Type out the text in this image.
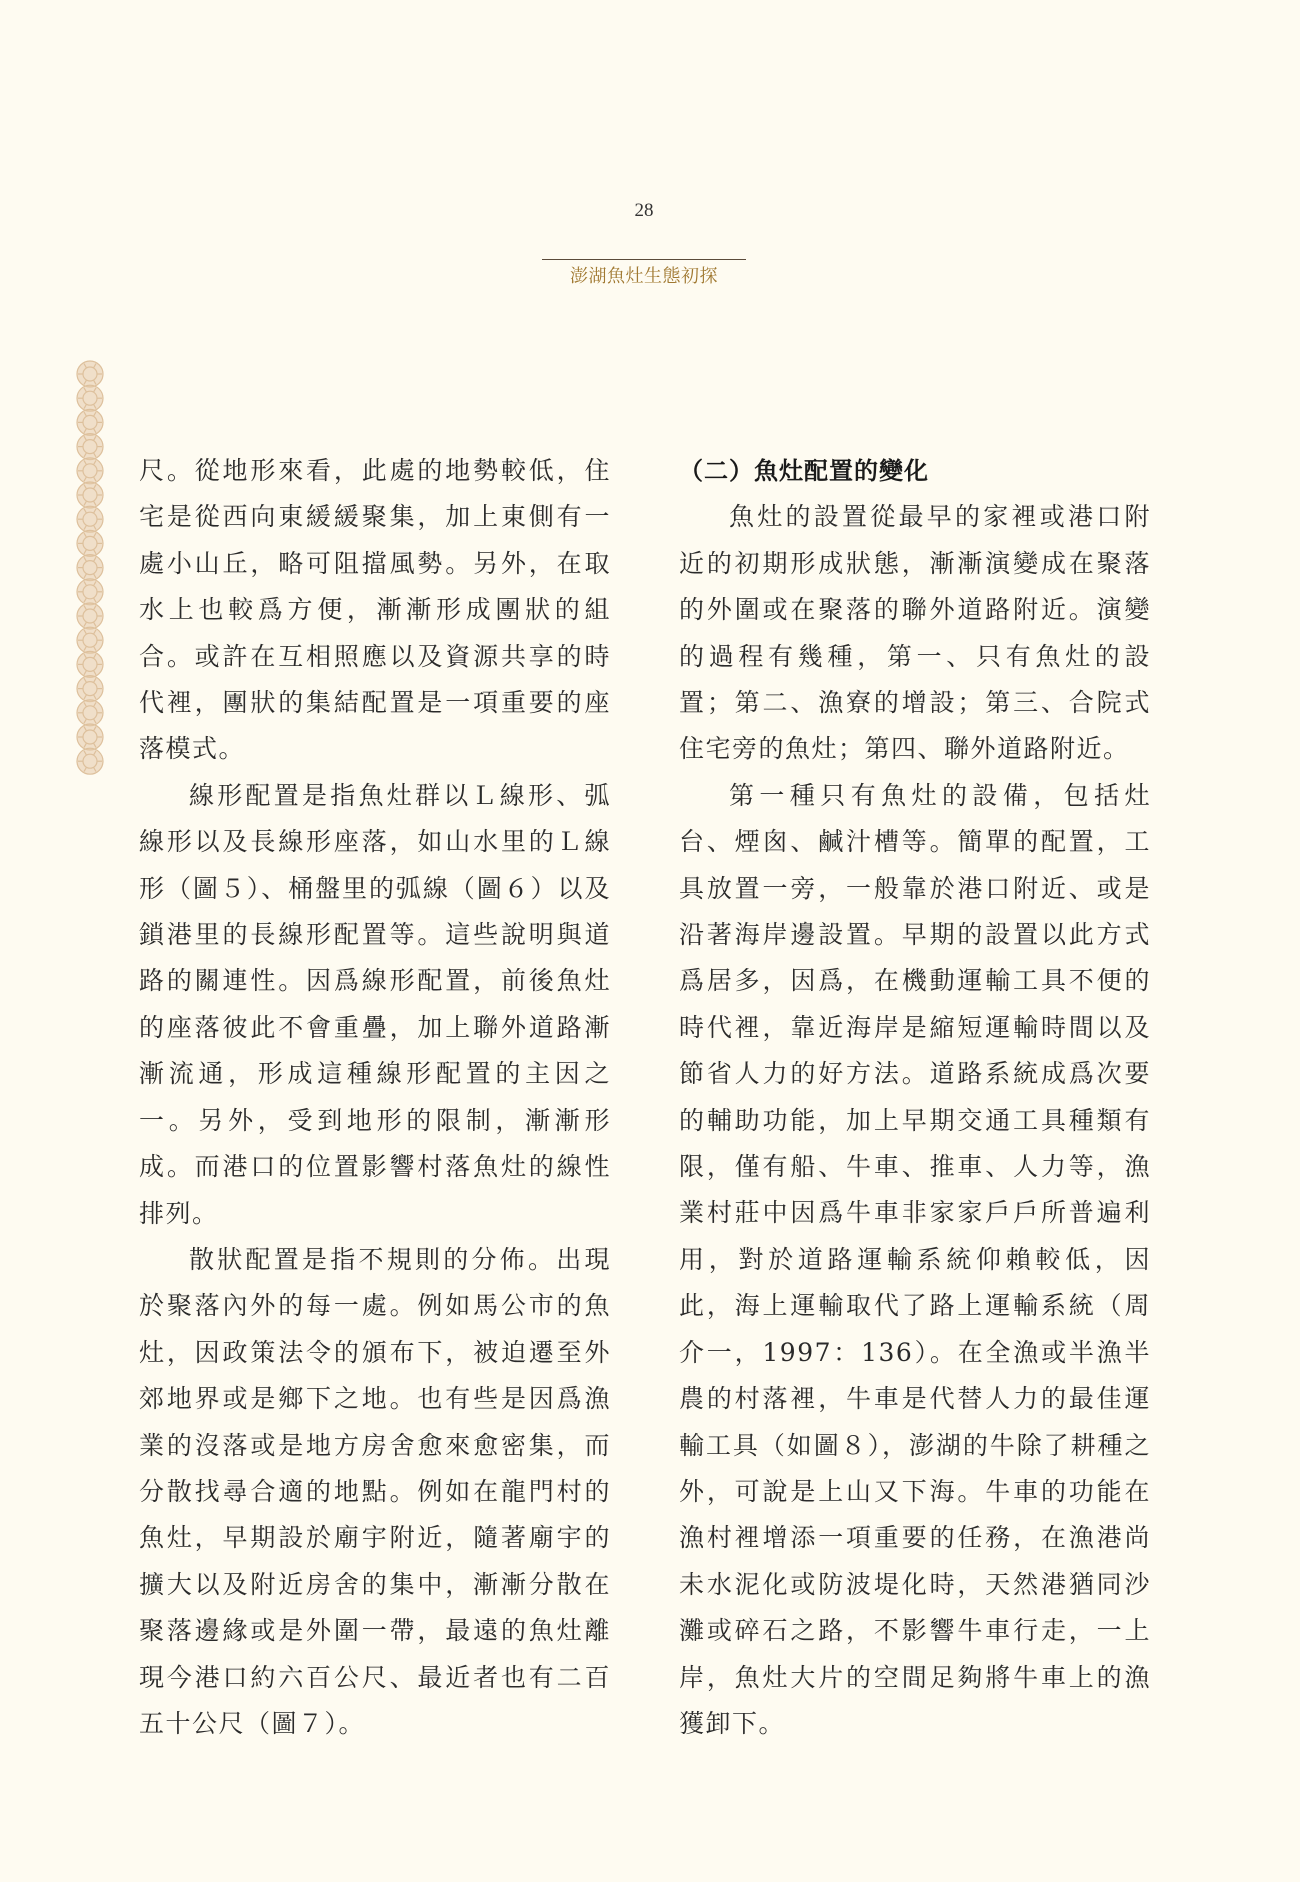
28
澎湖魚灶生態初探

尺。從地形來看，此處的地勢較低，住宅是從西向東緩緩聚集，加上東側有一處小山丘，略可阻擋風勢。另外，在取水上也較爲方便，漸漸形成團狀的組合。或許在互相照應以及資源共享的時代裡，團狀的集結配置是一項重要的座落模式。

線形配置是指魚灶群以Ｌ線形、弧線形以及長線形座落，如山水里的Ｌ線形（圖５）、桶盤里的弧線（圖６）以及鎖港里的長線形配置等。這些說明與道路的關連性。因爲線形配置，前後魚灶的座落彼此不會重疊，加上聯外道路漸漸流通，形成這種線形配置的主因之一。另外，受到地形的限制，漸漸形成。而港口的位置影響村落魚灶的線性排列。

散狀配置是指不規則的分佈。出現於聚落內外的每一處。例如馬公市的魚灶，因政策法令的頒布下，被迫遷至外郊地界或是鄉下之地。也有些是因爲漁業的沒落或是地方房舍愈來愈密集，而分散找尋合適的地點。例如在龍門村的魚灶，早期設於廟宇附近，隨著廟宇的擴大以及附近房舍的集中，漸漸分散在聚落邊緣或是外圍一帶，最遠的魚灶離現今港口約六百公尺、最近者也有二百五十公尺（圖７）。

（二）魚灶配置的變化

魚灶的設置從最早的家裡或港口附近的初期形成狀態，漸漸演變成在聚落的外圍或在聚落的聯外道路附近。演變的過程有幾種，第一、只有魚灶的設置；第二、漁寮的增設；第三、合院式住宅旁的魚灶；第四、聯外道路附近。

第一種只有魚灶的設備，包括灶台、煙囪、鹹汁槽等。簡單的配置，工具放置一旁，一般靠於港口附近、或是沿著海岸邊設置。早期的設置以此方式爲居多，因爲，在機動運輸工具不便的時代裡，靠近海岸是縮短運輸時間以及節省人力的好方法。道路系統成爲次要的輔助功能，加上早期交通工具種類有限，僅有船、牛車、推車、人力等，漁業村莊中因爲牛車非家家戶戶所普遍利用，對於道路運輸系統仰賴較低，因此，海上運輸取代了路上運輸系統（周介一，1997：136）。在全漁或半漁半農的村落裡，牛車是代替人力的最佳運輸工具（如圖８），澎湖的牛除了耕種之外，可說是上山又下海。牛車的功能在漁村裡增添一項重要的任務，在漁港尚未水泥化或防波堤化時，天然港猶同沙灘或碎石之路，不影響牛車行走，一上岸，魚灶大片的空間足夠將牛車上的漁獲卸下。
